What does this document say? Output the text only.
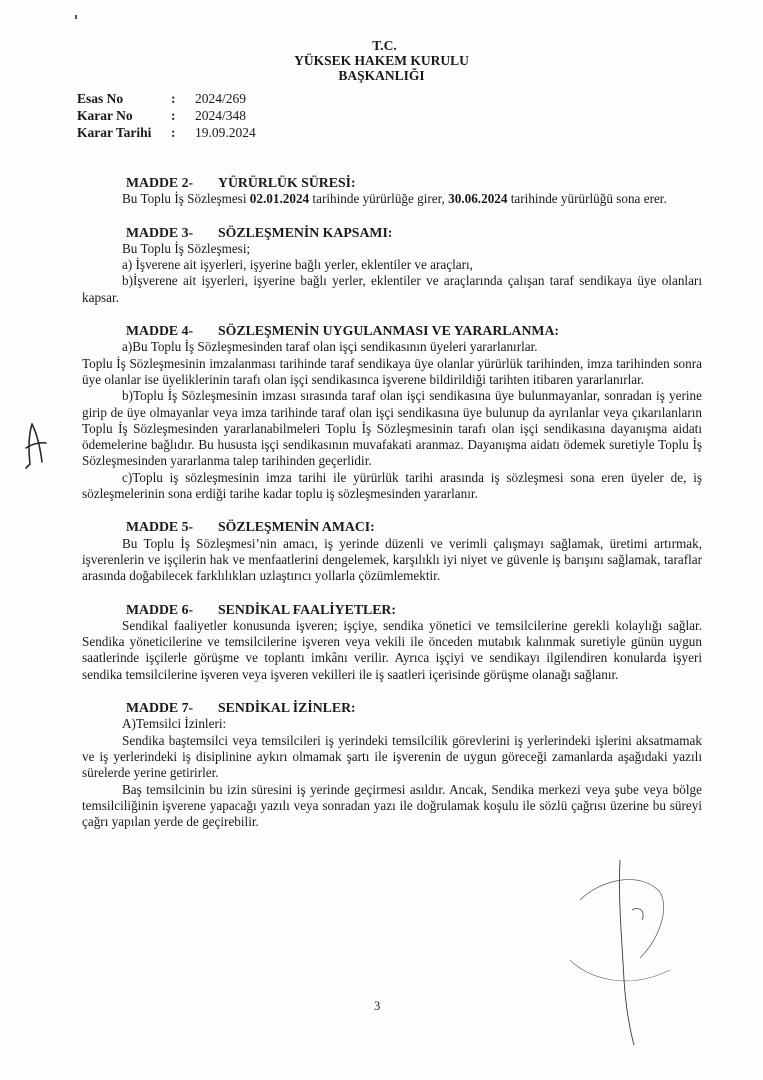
T.C.
YÜKSEK HAKEM KURULU
BAŞKANLIĞI
Esas No	:	2024/269
Karar No	:	2024/348
Karar Tarihi	:	19.09.2024
MADDE 2- YÜRÜRLÜK SÜRESİ:

Bu Toplu İş Sözleşmesi 02.01.2024 tarihinde yürürlüğe girer, 30.06.2024 tarihinde yürürlüğü sona erer.

MADDE 3- SÖZLEŞMENİN KAPSAMI:

Bu Toplu İş Sözleşmesi;

a) İşverene ait işyerleri, işyerine bağlı yerler, eklentiler ve araçları,

b)İşverene ait işyerleri, işyerine bağlı yerler, eklentiler ve araçlarında çalışan taraf sendikaya üye olanları kapsar.

MADDE 4- SÖZLEŞMENİN UYGULANMASI VE YARARLANMA:

a)Bu Toplu İş Sözleşmesinden taraf olan işçi sendikasının üyeleri yararlanırlar.

Toplu İş Sözleşmesinin imzalanması tarihinde taraf sendikaya üye olanlar yürürlük tarihinden, imza tarihinden sonra üye olanlar ise üyeliklerinin tarafı olan işçi sendikasınca işverene bildirildiği tarihten itibaren yararlanırlar.

b)Toplu İş Sözleşmesinin imzası sırasında taraf olan işçi sendikasına üye bulunmayanlar, sonradan iş yerine girip de üye olmayanlar veya imza tarihinde taraf olan işçi sendikasına üye bulunup da ayrılanlar veya çıkarılanların Toplu İş Sözleşmesinden yararlanabilmeleri Toplu İş Sözleşmesinin tarafı olan işçi sendikasına dayanışma aidatı ödemelerine bağlıdır. Bu hususta işçi sendikasının muvafakati aranmaz. Dayanışma aidatı ödemek suretiyle Toplu İş Sözleşmesinden yararlanma talep tarihinden geçerlidir.

c)Toplu iş sözleşmesinin imza tarihi ile yürürlük tarihi arasında iş sözleşmesi sona eren üyeler de, iş sözleşmelerinin sona erdiği tarihe kadar toplu iş sözleşmesinden yararlanır.

MADDE 5- SÖZLEŞMENİN AMACI:

Bu Toplu İş Sözleşmesi’nin amacı, iş yerinde düzenli ve verimli çalışmayı sağlamak, üretimi artırmak, işverenlerin ve işçilerin hak ve menfaatlerini dengelemek, karşılıklı iyi niyet ve güvenle iş barışını sağlamak, taraflar arasında doğabilecek farklılıkları uzlaştırıcı yollarla çözümlemektir.

MADDE 6- SENDİKAL FAALİYETLER:

Sendikal faaliyetler konusunda işveren; işçiye, sendika yönetici ve temsilcilerine gerekli kolaylığı sağlar. Sendika yöneticilerine ve temsilcilerine işveren veya vekili ile önceden mutabık kalınmak suretiyle günün uygun saatlerinde işçilerle görüşme ve toplantı imkânı verilir. Ayrıca işçiyi ve sendikayı ilgilendiren konularda işyeri sendika temsilcilerine işveren veya işveren vekilleri ile iş saatleri içerisinde görüşme olanağı sağlanır.

MADDE 7- SENDİKAL İZİNLER:

A)Temsilci İzinleri:

Sendika baştemsilci veya temsilcileri iş yerindeki temsilcilik görevlerini iş yerlerindeki işlerini aksatmamak ve iş yerlerindeki iş disiplinine aykırı olmamak şartı ile işverenin de uygun göreceği zamanlarda aşağıdaki yazılı sürelerde yerine getirirler.

Baş temsilcinin bu izin süresini iş yerinde geçirmesi asıldır. Ancak, Sendika merkezi veya şube veya bölge temsilciliğinin işverene yapacağı yazılı veya sonradan yazı ile doğrulamak koşulu ile sözlü çağrısı üzerine bu süreyi çağrı yapılan yerde de geçirebilir.

3
